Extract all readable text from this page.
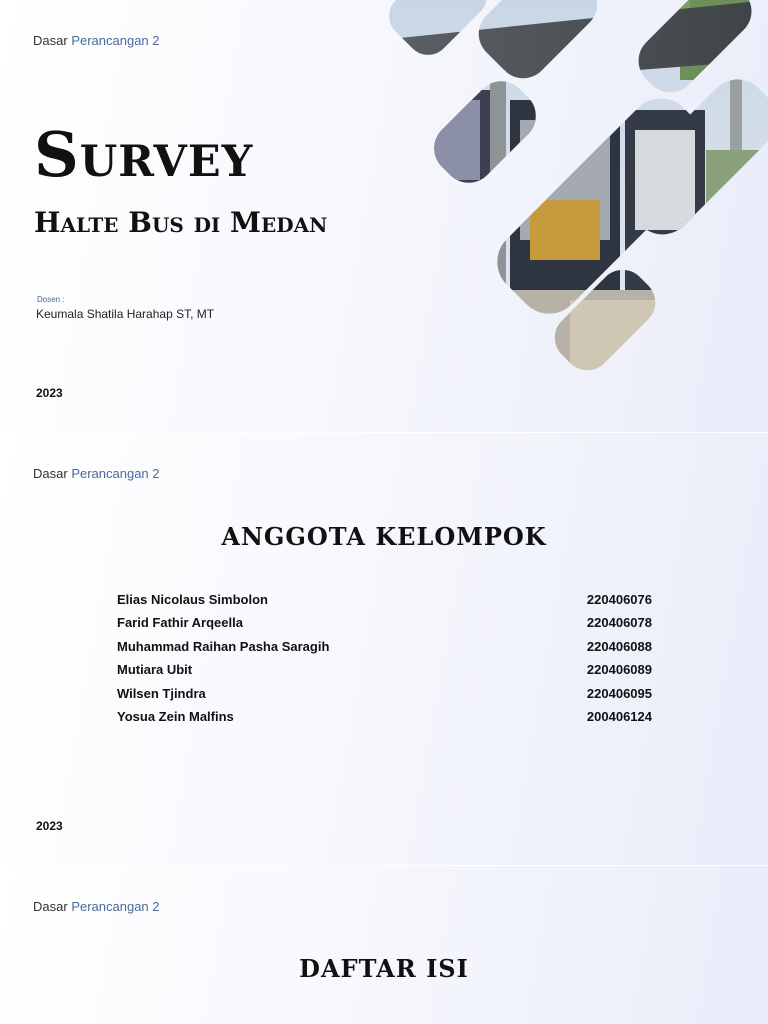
Dasar Perancangan 2
Survey
Halte Bus di Medan
Dosen :
Keumala Shatila Harahap ST, MT
2023
Dasar Perancangan 2
ANGGOTA KELOMPOK
Elias Nicolaus Simbolon	220406076
Farid Fathir Arqeella	220406078
Muhammad Raihan Pasha Saragih	220406088
Mutiara Ubit	220406089
Wilsen Tjindra	220406095
Yosua Zein Malfins	200406124
2023
Dasar Perancangan 2
DAFTAR ISI
